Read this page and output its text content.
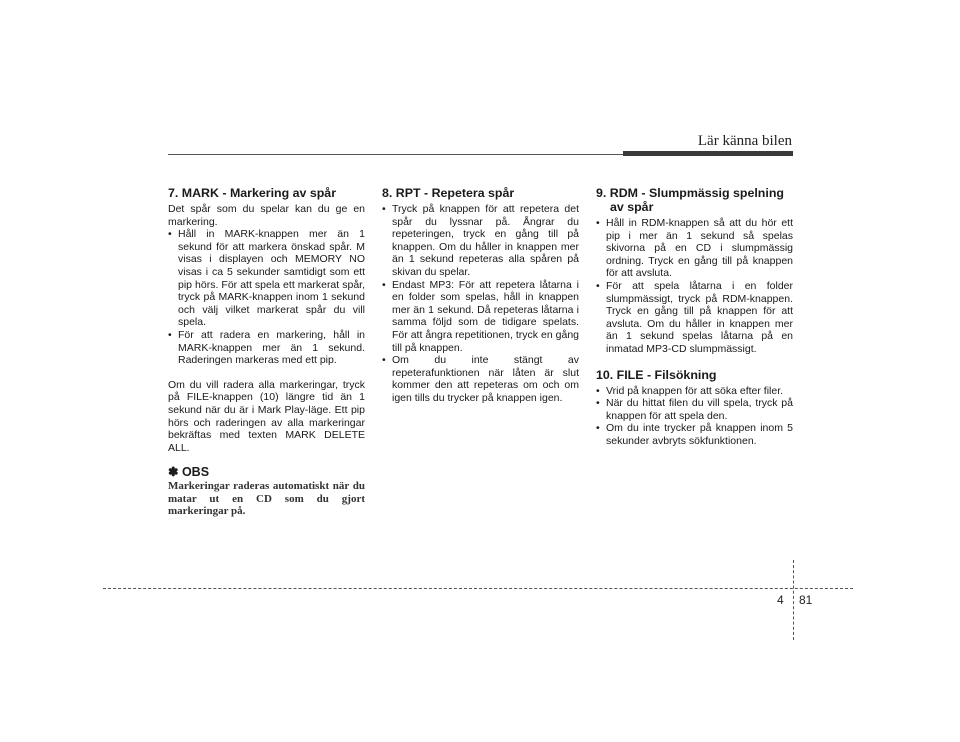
Lär känna bilen
7. MARK - Markering av spår

Det spår som du spelar kan du ge en markering.

• Håll in MARK-knappen mer än 1 sekund för att markera önskad spår. M visas i displayen och MEMORY NO visas i ca 5 sekunder samtidigt som ett pip hörs. För att spela ett markerat spår, tryck på MARK-knappen inom 1 sekund och välj vilket markerat spår du vill spela.
• För att radera en markering, håll in MARK-knappen mer än 1 sekund. Raderingen markeras med ett pip.

Om du vill radera alla markeringar, tryck på FILE-knappen (10) längre tid än 1 sekund när du är i Mark Play-läge. Ett pip hörs och raderingen av alla markeringar bekräftas med texten MARK DELETE ALL.

✽ OBS
Markeringar raderas automatiskt när du matar ut en CD som du gjort markeringar på.
8. RPT - Repetera spår
• Tryck på knappen för att repetera det spår du lyssnar på. Ångrar du repeteringen, tryck en gång till på knappen. Om du håller in knappen mer än 1 sekund repeteras alla spåren på skivan du spelar.
• Endast MP3: För att repetera låtarna i en folder som spelas, håll in knappen mer än 1 sekund. Då repeteras låtarna i samma följd som de tidigare spelats. För att ångra repetitionen, tryck en gång till på knappen.
• Om du inte stängt av repeterafunktionen när låten är slut kommer den att repeteras om och om igen tills du trycker på knappen igen.
9. RDM - Slumpmässig spelning
av spår
• Håll in RDM-knappen så att du hör ett pip i mer än 1 sekund så spelas skivorna på en CD i slumpmässig ordning. Tryck en gång till på knappen för att avsluta.
• För att spela låtarna i en folder slumpmässigt, tryck på RDM-knappen. Tryck en gång till på knappen för att avsluta. Om du håller in knappen mer än 1 sekund spelas låtarna på en inmatad MP3-CD slumpmässigt.
10. FILE - Filsökning
• Vrid på knappen för att söka efter filer.
• När du hittat filen du vill spela, tryck på knappen för att spela den.
• Om du inte trycker på knappen inom 5 sekunder avbryts sökfunktionen.
4 81
